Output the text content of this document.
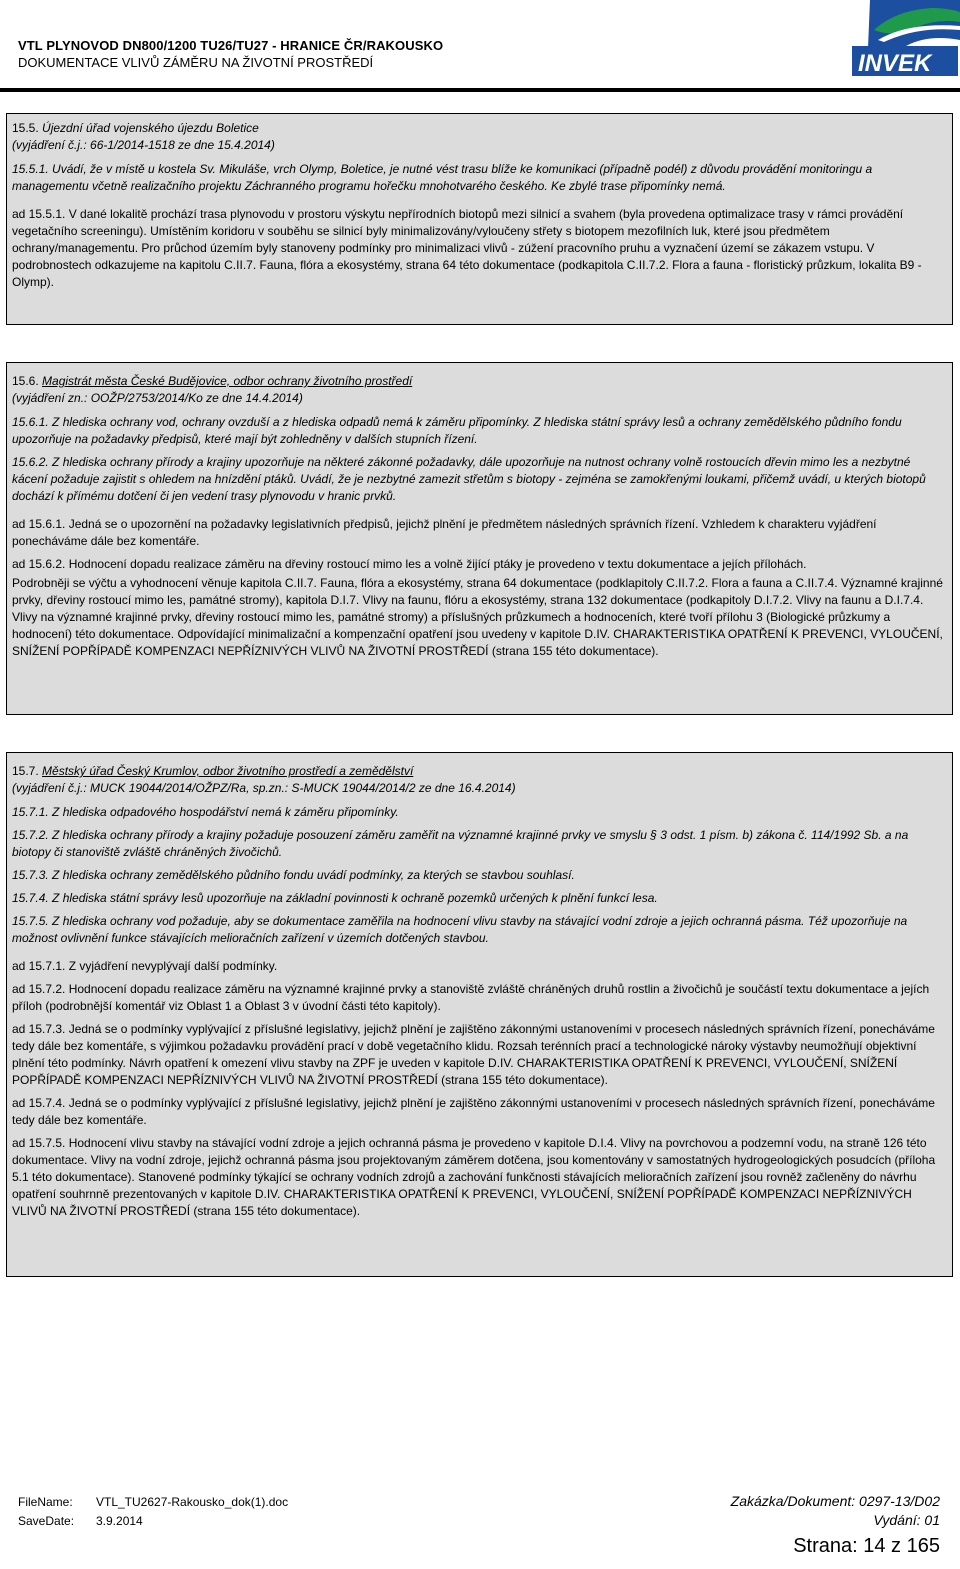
VTL PLYNOVOD DN800/1200 TU26/TU27 - HRANICE ČR/RAKOUSKO
DOKUMENTACE VLIVŮ ZÁMĚRU NA ŽIVOTNÍ PROSTŘEDÍ	INVEK

15.5. Újezdní úřad vojenského újezdu Boletice

(vyjádření č.j.: 66-1/2014-1518 ze dne 15.4.2014)

15.5.1. Uvádí, že v místě u kostela Sv. Mikuláše, vrch Olymp, Boletice, je nutné vést trasu blíže ke komunikaci (případně podél) z důvodu provádění monitoringu a managementu včetně realizačního projektu Záchranného programu hořečku mnohotvarého českého. Ke zbylé trase připomínky nemá.

ad 15.5.1. V dané lokalitě prochází trasa plynovodu v prostoru výskytu nepřírodních biotopů mezi silnicí a svahem (byla provedena optimalizace trasy v rámci provádění vegetačního screeningu). Umístěním koridoru v souběhu se silnicí byly minimalizovány/vyloučeny střety s biotopem mezofilních luk, které jsou předmětem ochrany/managementu. Pro průchod územím byly stanoveny podmínky pro minimalizaci vlivů - zúžení pracovního pruhu a vyznačení území se zákazem vstupu. V podrobnostech odkazujeme na kapitolu C.II.7. Fauna, flóra a ekosystémy, strana 64 této dokumentace (podkapitola C.II.7.2. Flora a fauna - floristický průzkum, lokalita B9 - Olymp).

15.6. Magistrát města České Budějovice, odbor ochrany životního prostředí

(vyjádření zn.: OOŽP/2753/2014/Ko ze dne 14.4.2014)

15.6.1. Z hlediska ochrany vod, ochrany ovzduší a z hlediska odpadů nemá k záměru připomínky. Z hlediska státní správy lesů a ochrany zemědělského půdního fondu upozorňuje na požadavky předpisů, které mají být zohledněny v dalších stupních řízení.

15.6.2. Z hlediska ochrany přírody a krajiny upozorňuje na některé zákonné požadavky, dále upozorňuje na nutnost ochrany volně rostoucích dřevin mimo les a nezbytné kácení požaduje zajistit s ohledem na hnízdění ptáků. Uvádí, že je nezbytné zamezit střetům s biotopy - zejména se zamokřenými loukami, přičemž uvádí, u kterých biotopů dochází k přímému dotčení či jen vedení trasy plynovodu v hranic prvků.

ad 15.6.1. Jedná se o upozornění na požadavky legislativních předpisů, jejichž plnění je předmětem následných správních řízení. Vzhledem k charakteru vyjádření ponecháváme dále bez komentáře.

ad 15.6.2. Hodnocení dopadu realizace záměru na dřeviny rostoucí mimo les a volně žijící ptáky je provedeno v textu dokumentace a jejích přílohách.

Podrobněji se výčtu a vyhodnocení věnuje kapitola C.II.7. Fauna, flóra a ekosystémy, strana 64 dokumentace (podklapitoly C.II.7.2. Flora a fauna a C.II.7.4. Významné krajinné prvky, dřeviny rostoucí mimo les, památné stromy), kapitola D.I.7. Vlivy na faunu, flóru a ekosystémy, strana 132 dokumentace (podkapitoly D.I.7.2. Vlivy na faunu a D.I.7.4. Vlivy na významné krajinné prvky, dřeviny rostoucí mimo les, památné stromy) a příslušných průzkumech a hodnoceních, které tvoří přílohu 3 (Biologické průzkumy a hodnocení) této dokumentace. Odpovídající minimalizační a kompenzační opatření jsou uvedeny v kapitole D.IV. CHARAKTERISTIKA OPATŘENÍ K PREVENCI, VYLOUČENÍ, SNÍŽENÍ POPŘÍPADĚ KOMPENZACI NEPŘÍZNIVÝCH VLIVŮ NA ŽIVOTNÍ PROSTŘEDÍ (strana 155 této dokumentace).

15.7. Městský úřad Český Krumlov, odbor životního prostředí a zemědělství

(vyjádření č.j.: MUCK 19044/2014/OŽPZ/Ra, sp.zn.: S-MUCK 19044/2014/2 ze dne 16.4.2014)

15.7.1. Z hlediska odpadového hospodářství nemá k záměru připomínky.

15.7.2. Z hlediska ochrany přírody a krajiny požaduje posouzení záměru zaměřit na významné krajinné prvky ve smyslu § 3 odst. 1 písm. b) zákona č. 114/1992 Sb. a na biotopy či stanoviště zvláště chráněných živočichů.

15.7.3. Z hlediska ochrany zemědělského půdního fondu uvádí podmínky, za kterých se stavbou souhlasí.

15.7.4. Z hlediska státní správy lesů upozorňuje na základní povinnosti k ochraně pozemků určených k plnění funkcí lesa.

15.7.5. Z hlediska ochrany vod požaduje, aby se dokumentace zaměřila na hodnocení vlivu stavby na stávající vodní zdroje a jejich ochranná pásma. Též upozorňuje na možnost ovlivnění funkce stávajících melioračních zařízení v územích dotčených stavbou.

ad 15.7.1. Z vyjádření nevyplývají další podmínky.

ad 15.7.2. Hodnocení dopadu realizace záměru na významné krajinné prvky a stanoviště zvláště chráněných druhů rostlin a živočichů je součástí textu dokumentace a jejích příloh (podrobnější komentář viz Oblast 1 a Oblast 3 v úvodní části této kapitoly).

ad 15.7.3. Jedná se o podmínky vyplývající z příslušné legislativy, jejichž plnění je zajištěno zákonnými ustanoveními v procesech následných správních řízení, ponecháváme tedy dále bez komentáře, s výjimkou požadavku provádění prací v době vegetačního klidu. Rozsah terénních prací a technologické nároky výstavby neumožňují objektivní plnění této podmínky. Návrh opatření k omezení vlivu stavby na ZPF je uveden v kapitole D.IV. CHARAKTERISTIKA OPATŘENÍ K PREVENCI, VYLOUČENÍ, SNÍŽENÍ POPŘÍPADĚ KOMPENZACI NEPŘÍZNIVÝCH VLIVŮ NA ŽIVOTNÍ PROSTŘEDÍ (strana 155 této dokumentace).

ad 15.7.4. Jedná se o podmínky vyplývající z příslušné legislativy, jejichž plnění je zajištěno zákonnými ustanoveními v procesech následných správních řízení, ponecháváme tedy dále bez komentáře.

ad 15.7.5. Hodnocení vlivu stavby na stávající vodní zdroje a jejich ochranná pásma je provedeno v kapitole D.I.4. Vlivy na povrchovou a podzemní vodu, na straně 126 této dokumentace. Vlivy na vodní zdroje, jejichž ochranná pásma jsou projektovaným záměrem dotčena, jsou komentovány v samostatných hydrogeologických posudcích (příloha 5.1 této dokumentace). Stanovené podmínky týkající se ochrany vodních zdrojů a zachování funkčnosti stávajících melioračních zařízení jsou rovněž začleněny do návrhu opatření souhrnně prezentovaných v kapitole D.IV. CHARAKTERISTIKA OPATŘENÍ K PREVENCI, VYLOUČENÍ, SNÍŽENÍ POPŘÍPADĚ KOMPENZACI NEPŘÍZNIVÝCH VLIVŮ NA ŽIVOTNÍ PROSTŘEDÍ (strana 155 této dokumentace).

FileName: VTL_TU2627-Rakousko_dok(1).doc
SaveDate: 3.9.2014
Zakázka/Dokument: 0297-13/D02
Vydání: 01
Strana: 14 z 165
